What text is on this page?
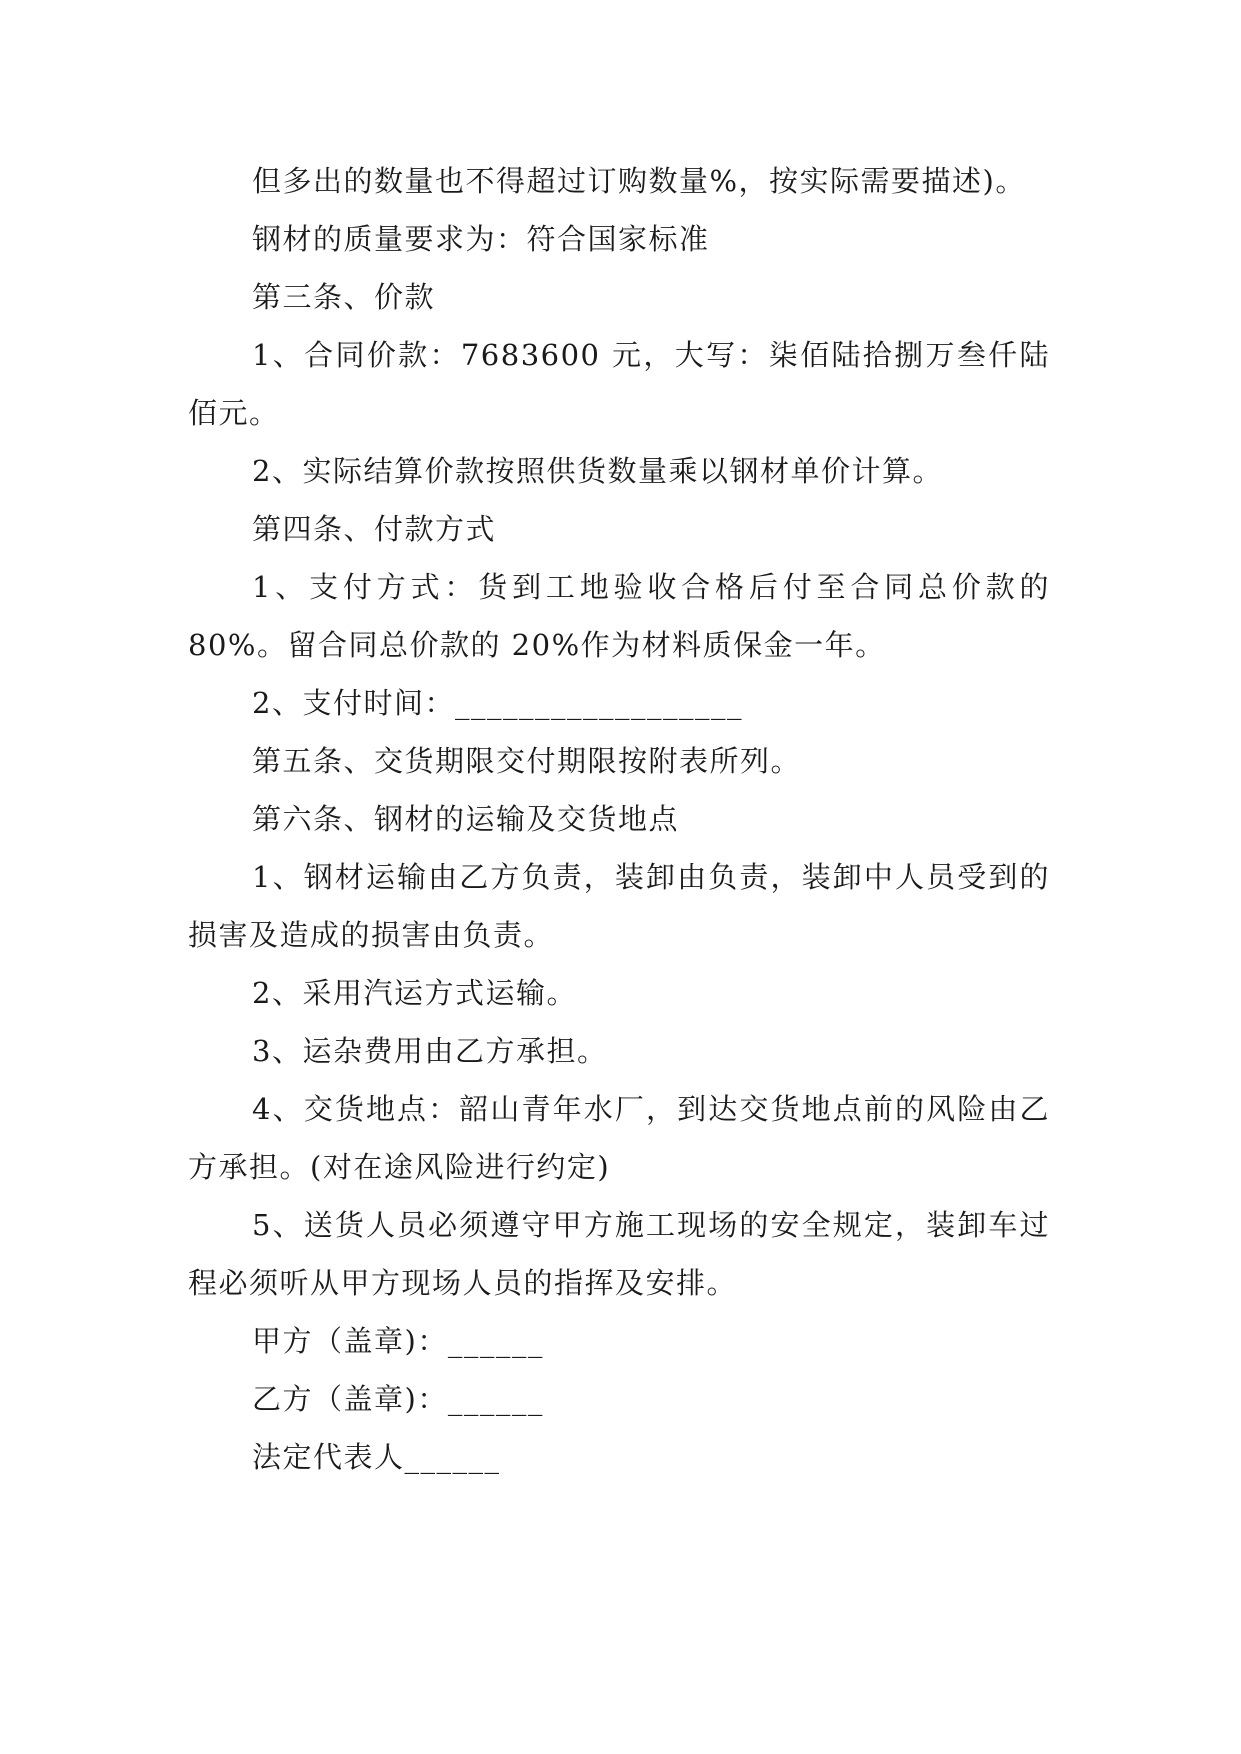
但多出的数量也不得超过订购数量%，按实际需要描述)。

钢材的质量要求为：符合国家标准

第三条、价款

1、合同价款：7683600 元，大写：柒佰陆拾捌万叁仟陆佰元。

2、实际结算价款按照供货数量乘以钢材单价计算。

第四条、付款方式

1、支付方式：货到工地验收合格后付至合同总价款的80%。留合同总价款的 20%作为材料质保金一年。

2、支付时间：__________________

第五条、交货期限交付期限按附表所列。

第六条、钢材的运输及交货地点

1、钢材运输由乙方负责，装卸由负责，装卸中人员受到的损害及造成的损害由负责。

2、采用汽运方式运输。

3、运杂费用由乙方承担。

4、交货地点：韶山青年水厂，到达交货地点前的风险由乙方承担。(对在途风险进行约定)

5、送货人员必须遵守甲方施工现场的安全规定，装卸车过程必须听从甲方现场人员的指挥及安排。

甲方（盖章)：______

乙方（盖章)：______

法定代表人______
